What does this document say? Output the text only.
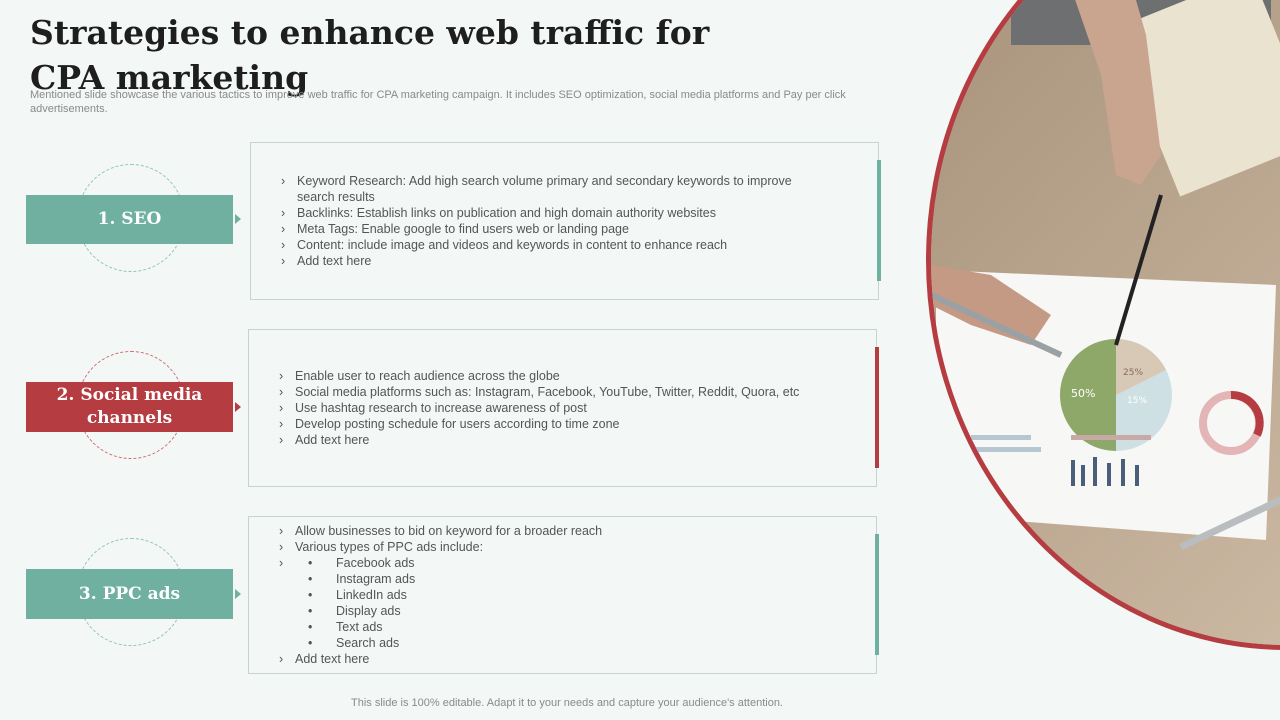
Strategies to enhance web traffic for CPA marketing

Mentioned slide showcase the various tactics to improve web traffic for CPA marketing campaign. It includes SEO optimization, social media platforms and Pay per click advertisements.

1. SEO
› Keyword Research: Add high search volume primary and secondary keywords to improve search results
› Backlinks: Establish links on publication and high domain authority websites
› Meta Tags: Enable google to find users web or landing page
› Content: include image and videos and keywords in content to enhance reach
› Add text here
2. Social media channels
› Enable user to reach audience across the globe
› Social media platforms such as: Instagram, Facebook, YouTube, Twitter, Reddit, Quora, etc
› Use hashtag research to increase awareness of post
› Develop posting schedule for users according to time zone
› Add text here
3. PPC ads
› Allow businesses to bid on keyword for a broader reach
› Various types of PPC ads include:
• › Facebook ads
• Instagram ads
• LinkedIn ads
• Display ads
• Text ads
• Search ads
› Add text here

This slide is 100% editable. Adapt it to your needs and capture your audience's attention.

50%
25%
15%
